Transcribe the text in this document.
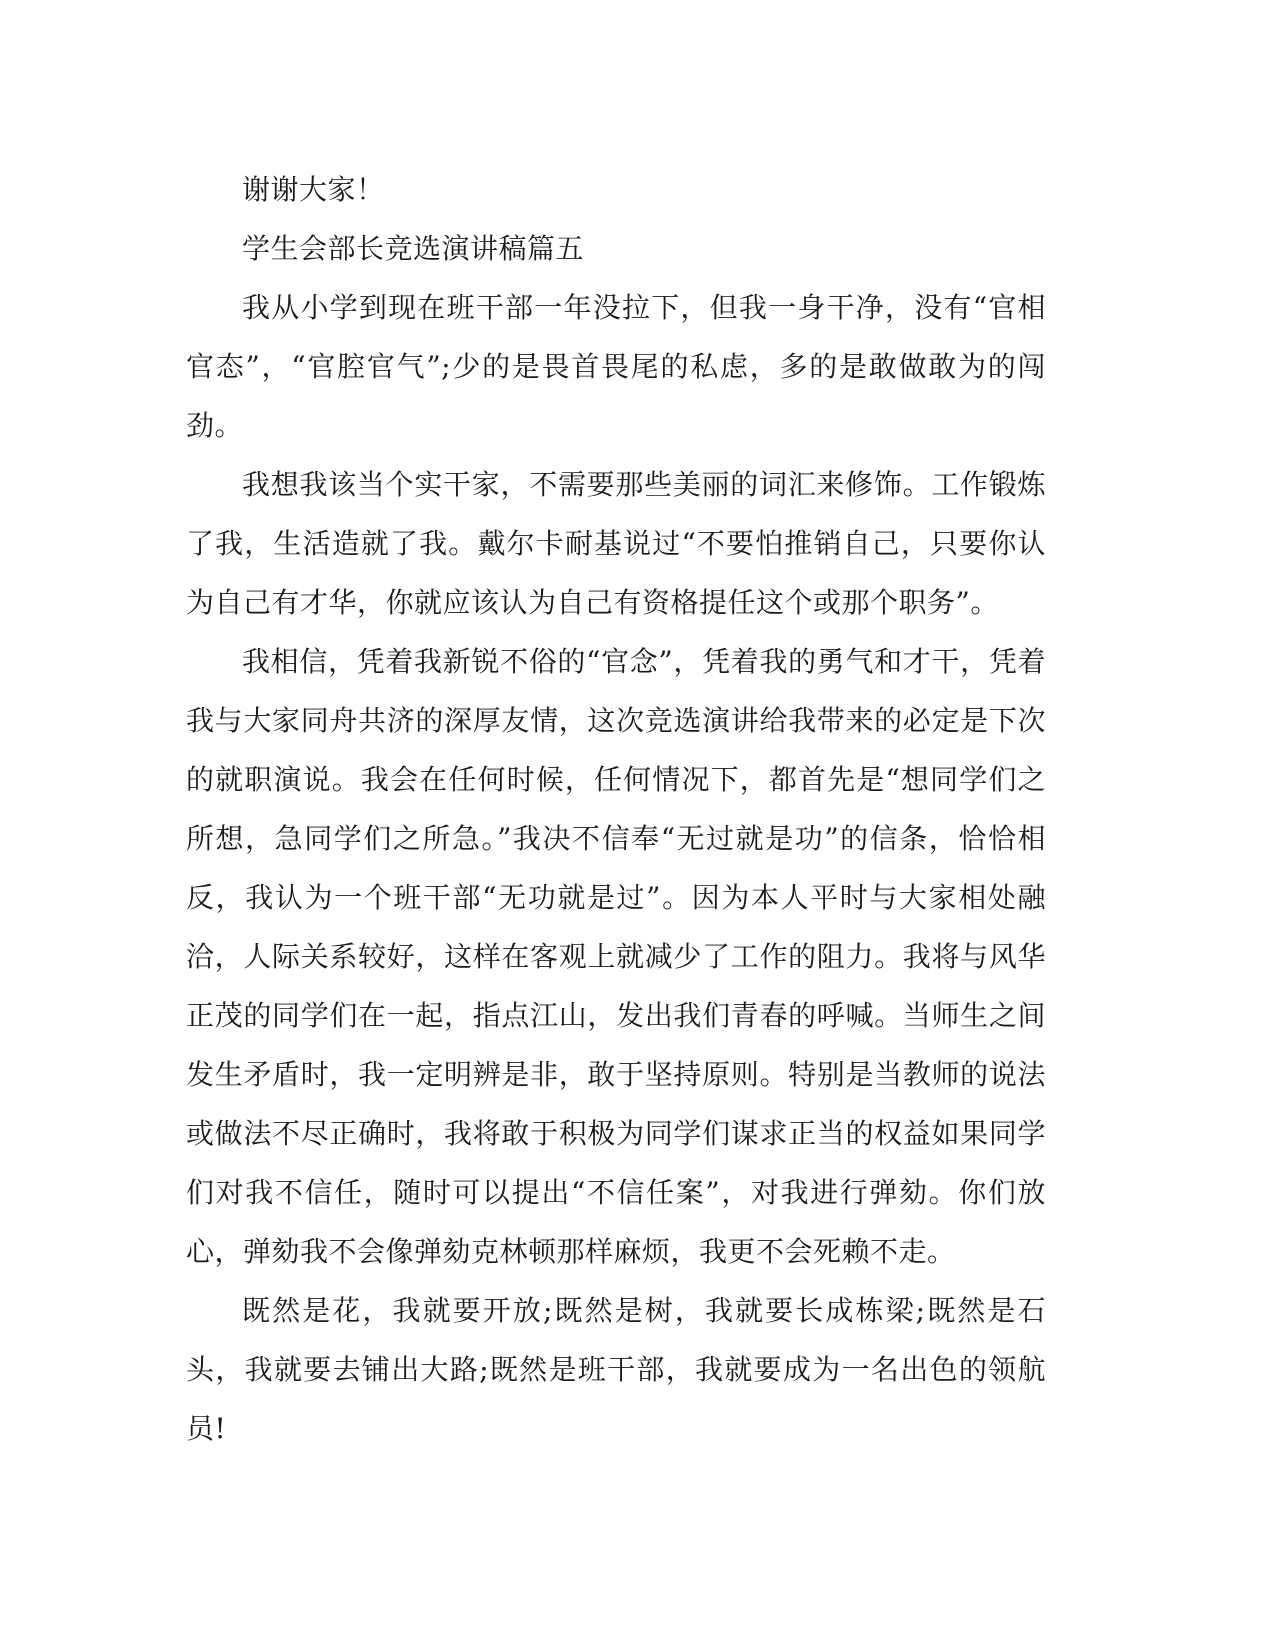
谢谢大家！

学生会部长竞选演讲稿篇五

我从小学到现在班干部一年没拉下，但我一身干净，没有“官相官态”，“官腔官气”;少的是畏首畏尾的私虑，多的是敢做敢为的闯劲。

我想我该当个实干家，不需要那些美丽的词汇来修饰。工作锻炼了我，生活造就了我。戴尔卡耐基说过“不要怕推销自己，只要你认为自己有才华，你就应该认为自己有资格提任这个或那个职务”。

我相信，凭着我新锐不俗的“官念”，凭着我的勇气和才干，凭着我与大家同舟共济的深厚友情，这次竞选演讲给我带来的必定是下次的就职演说。我会在任何时候，任何情况下，都首先是“想同学们之所想，急同学们之所急。”我决不信奉“无过就是功”的信条，恰恰相反，我认为一个班干部“无功就是过”。因为本人平时与大家相处融洽，人际关系较好，这样在客观上就减少了工作的阻力。我将与风华正茂的同学们在一起，指点江山，发出我们青春的呼喊。当师生之间发生矛盾时，我一定明辨是非，敢于坚持原则。特别是当教师的说法或做法不尽正确时，我将敢于积极为同学们谋求正当的权益如果同学们对我不信任，随时可以提出“不信任案”，对我进行弹劾。你们放心，弹劾我不会像弹劾克林顿那样麻烦，我更不会死赖不走。

既然是花，我就要开放;既然是树，我就要长成栋梁;既然是石头，我就要去铺出大路;既然是班干部，我就要成为一名出色的领航员!
